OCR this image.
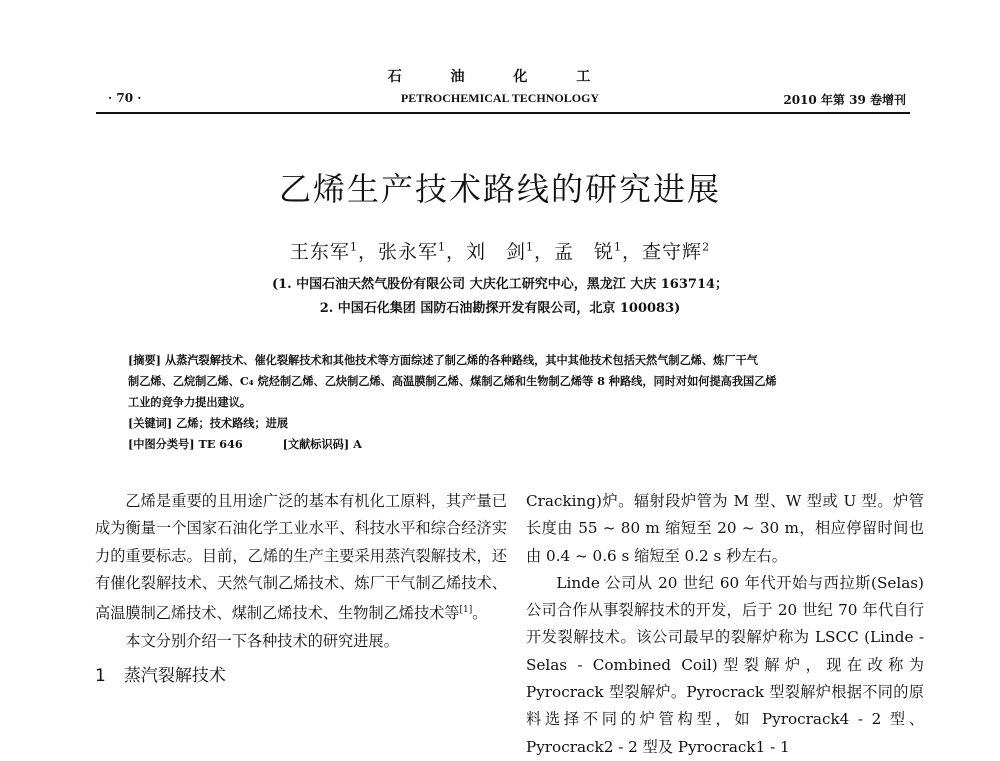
石 油 化 工
· 70 ·	PETROCHEMICAL TECHNOLOGY	2010 年第 39 卷增刊
乙烯生产技术路线的研究进展
王东军$^1$，张永军$^1$，刘　剑$^1$，孟　锐$^1$，查守辉$^2$
(1. 中国石油天然气股份有限公司 大庆化工研究中心，黑龙江 大庆 163714；
2. 中国石化集团 国防石油勘探开发有限公司，北京 100083)

[摘要] 从蒸汽裂解技术、催化裂解技术和其他技术等方面综述了制乙烯的各种路线，其中其他技术包括天然气制乙烯、炼厂干气

制乙烯、乙烷制乙烯、C₄ 烷烃制乙烯、乙炔制乙烯、高温膜制乙烯、煤制乙烯和生物制乙烯等 8 种路线，同时对如何提高我国乙烯

工业的竞争力提出建议。

[关键词] 乙烯；技术路线；进展

[中图分类号] TE 646	[文献标识码] A

乙烯是重要的且用途广泛的基本有机化工原料，其产量已成为衡量一个国家石油化学工业水平、科技水平和综合经济实力的重要标志。目前，乙烯的生产主要采用蒸汽裂解技术，还有催化裂解技术、天然气制乙烯技术、炼厂干气制乙烯技术、高温膜制乙烯技术、煤制乙烯技术、生物制乙烯技术等[1]。

本文分别介绍一下各种技术的研究进展。

1 蒸汽裂解技术

Cracking)炉。辐射段炉管为 M 型、W 型或 U 型。炉管长度由 55 ~ 80 m 缩短至 20 ~ 30 m，相应停留时间也由 0.4 ~ 0.6 s 缩短至 0.2 s 秒左右。

Linde 公司从 20 世纪 60 年代开始与西拉斯(Selas)公司合作从事裂解技术的开发，后于 20 世纪 70 年代自行开发裂解技术。该公司最早的裂解炉称为 LSCC (Linde - Selas - Combined Coil)型裂解炉，现在改称为 Pyrocrack 型裂解炉。Pyrocrack 型裂解炉根据不同的原料选择不同的炉管构型，如 Pyrocrack4 - 2 型、Pyrocrack2 - 2 型及 Pyrocrack1 - 1
